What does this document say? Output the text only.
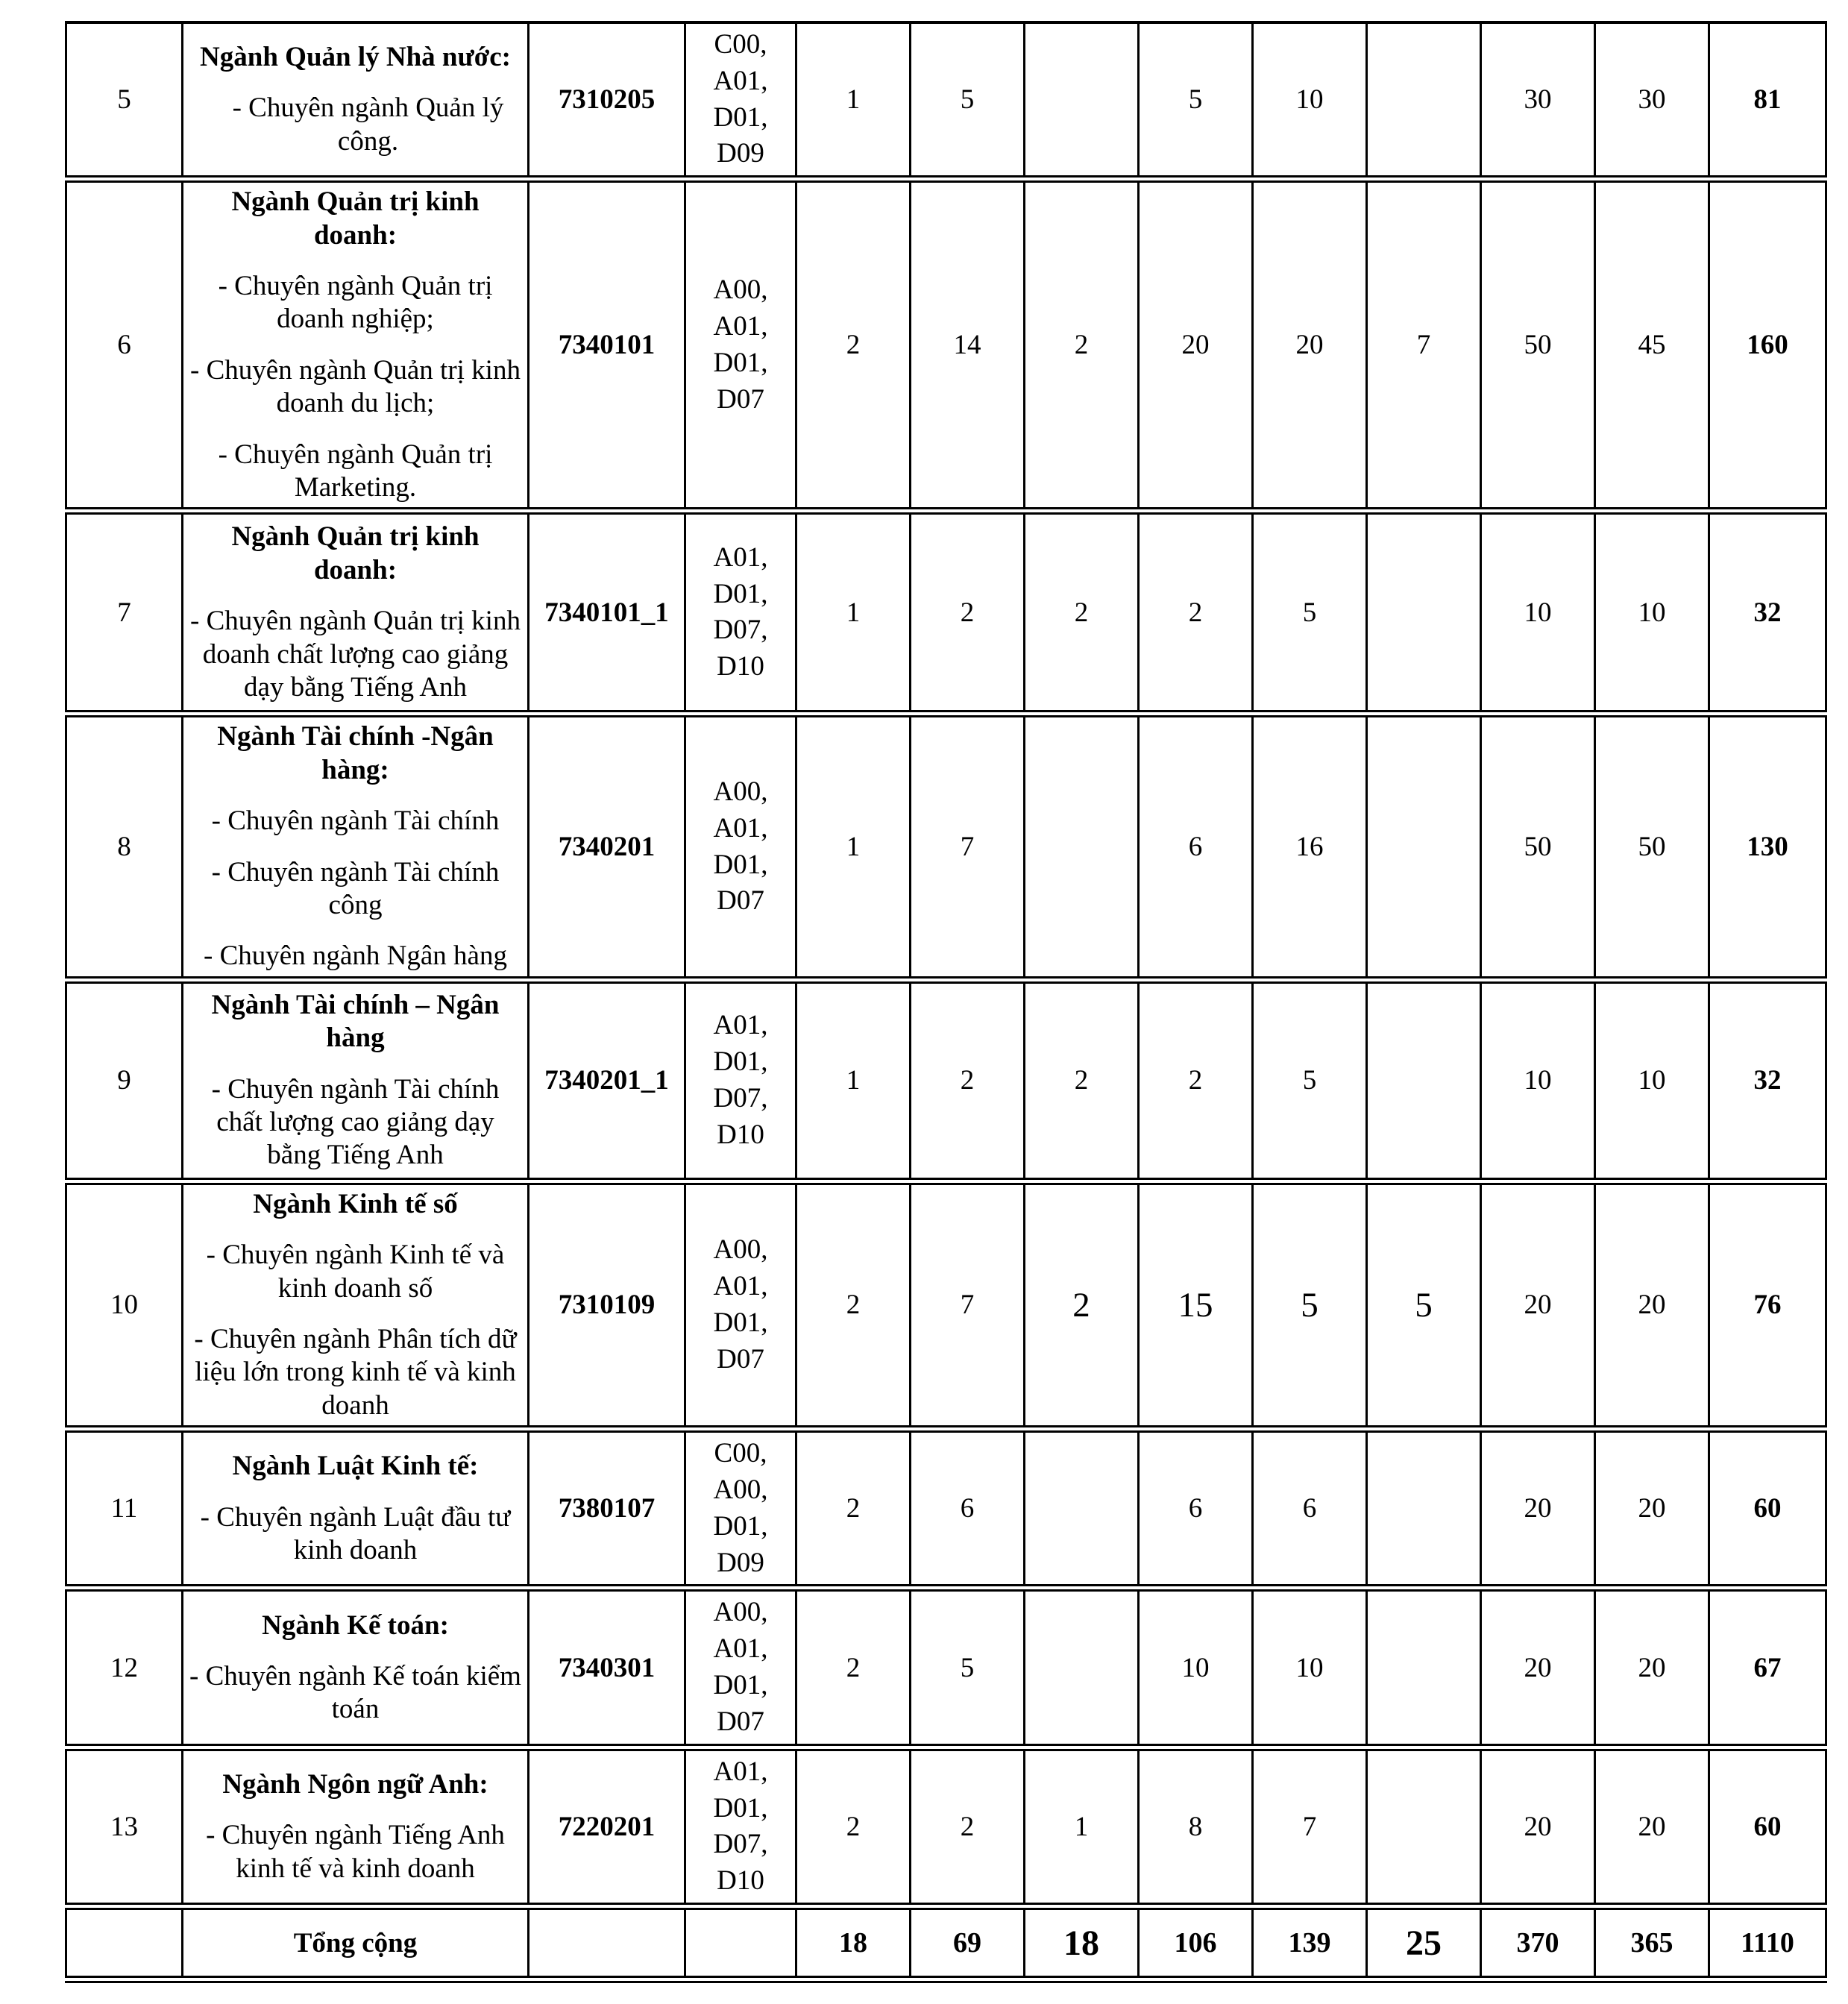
5	

Ngành Quản lý Nhà nước:

- Chuyên ngành Quản lý công.

	7310205	C00,
A01,
D01,
D09	1	5		5	10		30	30	81
6	

Ngành Quản trị kinh doanh:

- Chuyên ngành Quản trị doanh nghiệp;

- Chuyên ngành Quản trị kinh doanh du lịch;

- Chuyên ngành Quản trị Marketing.

	7340101	A00,
A01,
D01,
D07	2	14	2	20	20	7	50	45	160
7	

Ngành Quản trị kinh doanh:

- Chuyên ngành Quản trị kinh doanh chất lượng cao giảng dạy bằng Tiếng Anh

	7340101_1	A01,
D01,
D07,
D10	1	2	2	2	5		10	10	32
8	

Ngành Tài chính -Ngân hàng:

- Chuyên ngành Tài chính

- Chuyên ngành Tài chính công

- Chuyên ngành Ngân hàng

	7340201	A00,
A01,
D01,
D07	1	7		6	16		50	50	130
9	

Ngành Tài chính – Ngân hàng

- Chuyên ngành Tài chính chất lượng cao giảng dạy bằng Tiếng Anh

	7340201_1	A01,
D01,
D07,
D10	1	2	2	2	5		10	10	32
10	

Ngành Kinh tế số

- Chuyên ngành Kinh tế và kinh doanh số

- Chuyên ngành Phân tích dữ liệu lớn trong kinh tế và kinh doanh

	7310109	A00,
A01,
D01,
D07	2	7	2	15	5	5	20	20	76
11	

Ngành Luật Kinh tế:

- Chuyên ngành Luật đầu tư kinh doanh

	7380107	C00,
A00,
D01,
D09	2	6		6	6		20	20	60
12	

Ngành Kế toán:

- Chuyên ngành Kế toán kiểm toán

	7340301	A00,
A01,
D01,
D07	2	5		10	10		20	20	67
13	

Ngành Ngôn ngữ Anh:

- Chuyên ngành Tiếng Anh kinh tế và kinh doanh

	7220201	A01,
D01,
D07,
D10	2	2	1	8	7		20	20	60
	Tổng cộng			18	69	18	106	139	25	370	365	1110
